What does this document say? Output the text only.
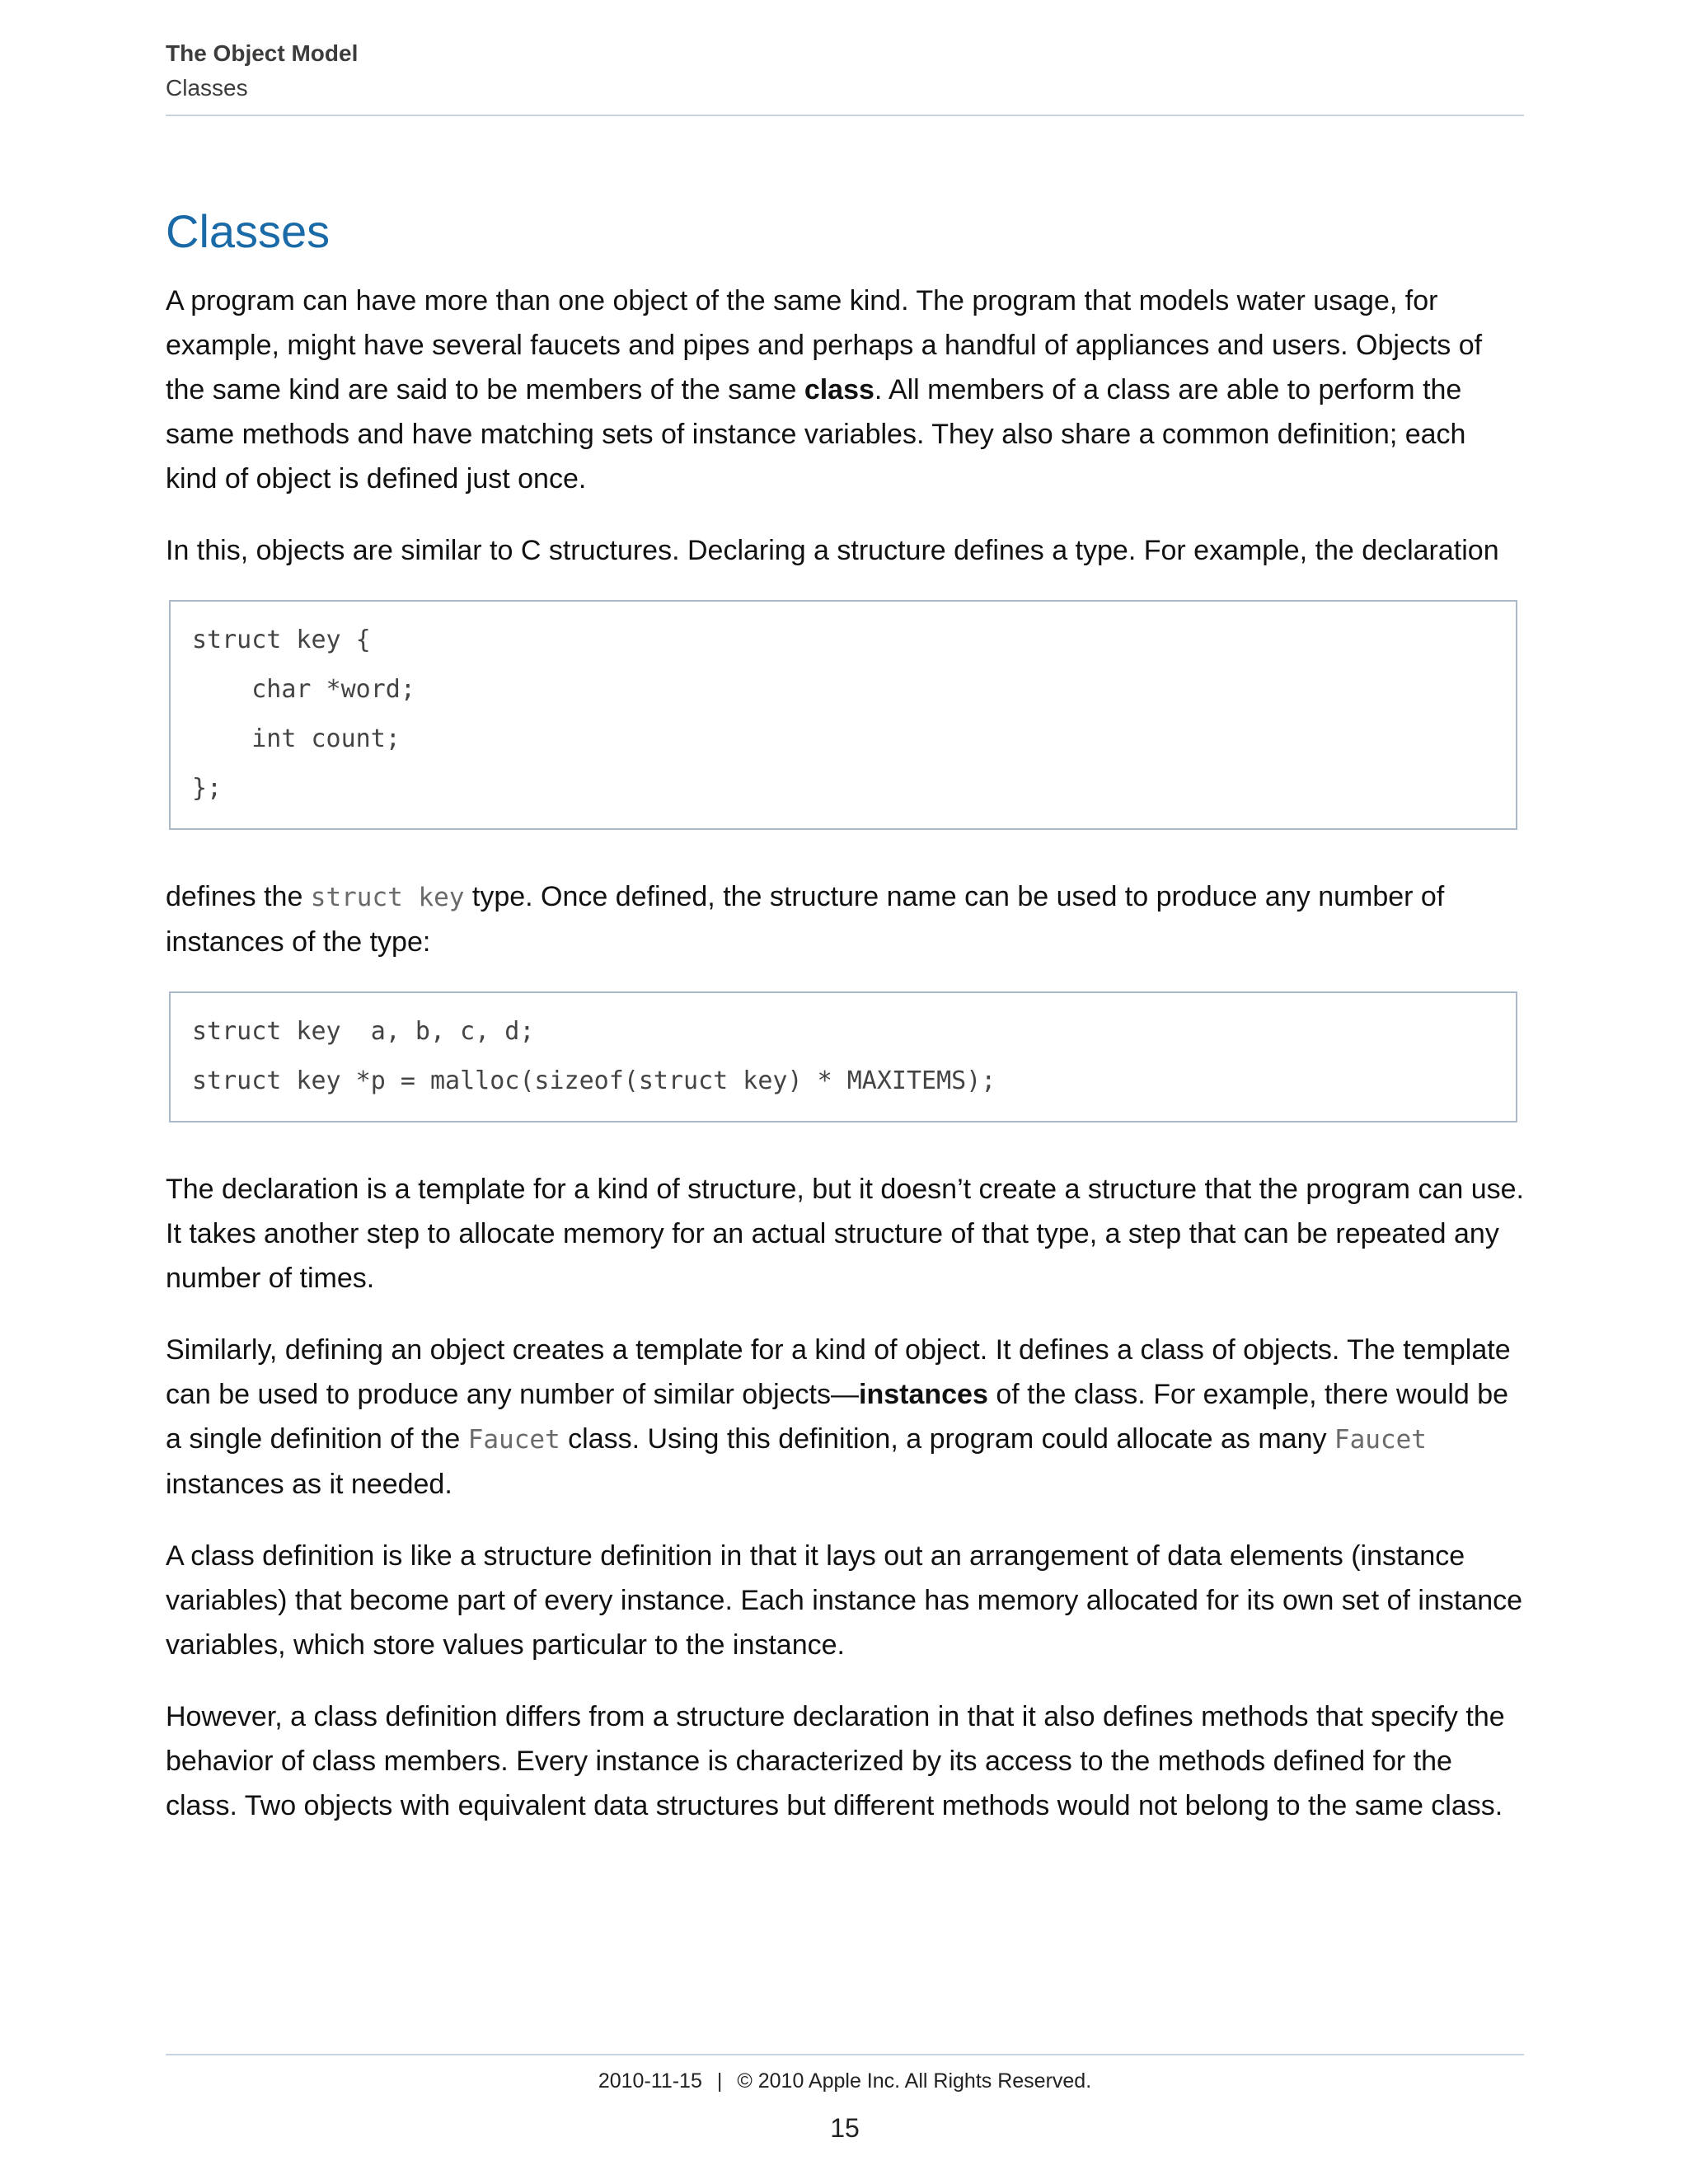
The Object Model
Classes
Classes

A program can have more than one object of the same kind. The program that models water usage, for example, might have several faucets and pipes and perhaps a handful of appliances and users. Objects of the same kind are said to be members of the same class. All members of a class are able to perform the same methods and have matching sets of instance variables. They also share a common definition; each kind of object is defined just once.

In this, objects are similar to C structures. Declaring a structure defines a type. For example, the declaration

struct key {
char *word;
int count;
};

defines the struct key type. Once defined, the structure name can be used to produce any number of instances of the type:

struct key  a, b, c, d;
struct key *p = malloc(sizeof(struct key) * MAXITEMS);

The declaration is a template for a kind of structure, but it doesn’t create a structure that the program can use. It takes another step to allocate memory for an actual structure of that type, a step that can be repeated any number of times.

Similarly, defining an object creates a template for a kind of object. It defines a class of objects. The template can be used to produce any number of similar objects—instances of the class. For example, there would be a single definition of the Faucet class. Using this definition, a program could allocate as many Faucet instances as it needed.

A class definition is like a structure definition in that it lays out an arrangement of data elements (instance variables) that become part of every instance. Each instance has memory allocated for its own set of instance variables, which store values particular to the instance.

However, a class definition differs from a structure declaration in that it also defines methods that specify the behavior of class members. Every instance is characterized by its access to the methods defined for the class. Two objects with equivalent data structures but different methods would not belong to the same class.

2010-11-15 | © 2010 Apple Inc. All Rights Reserved.
15
